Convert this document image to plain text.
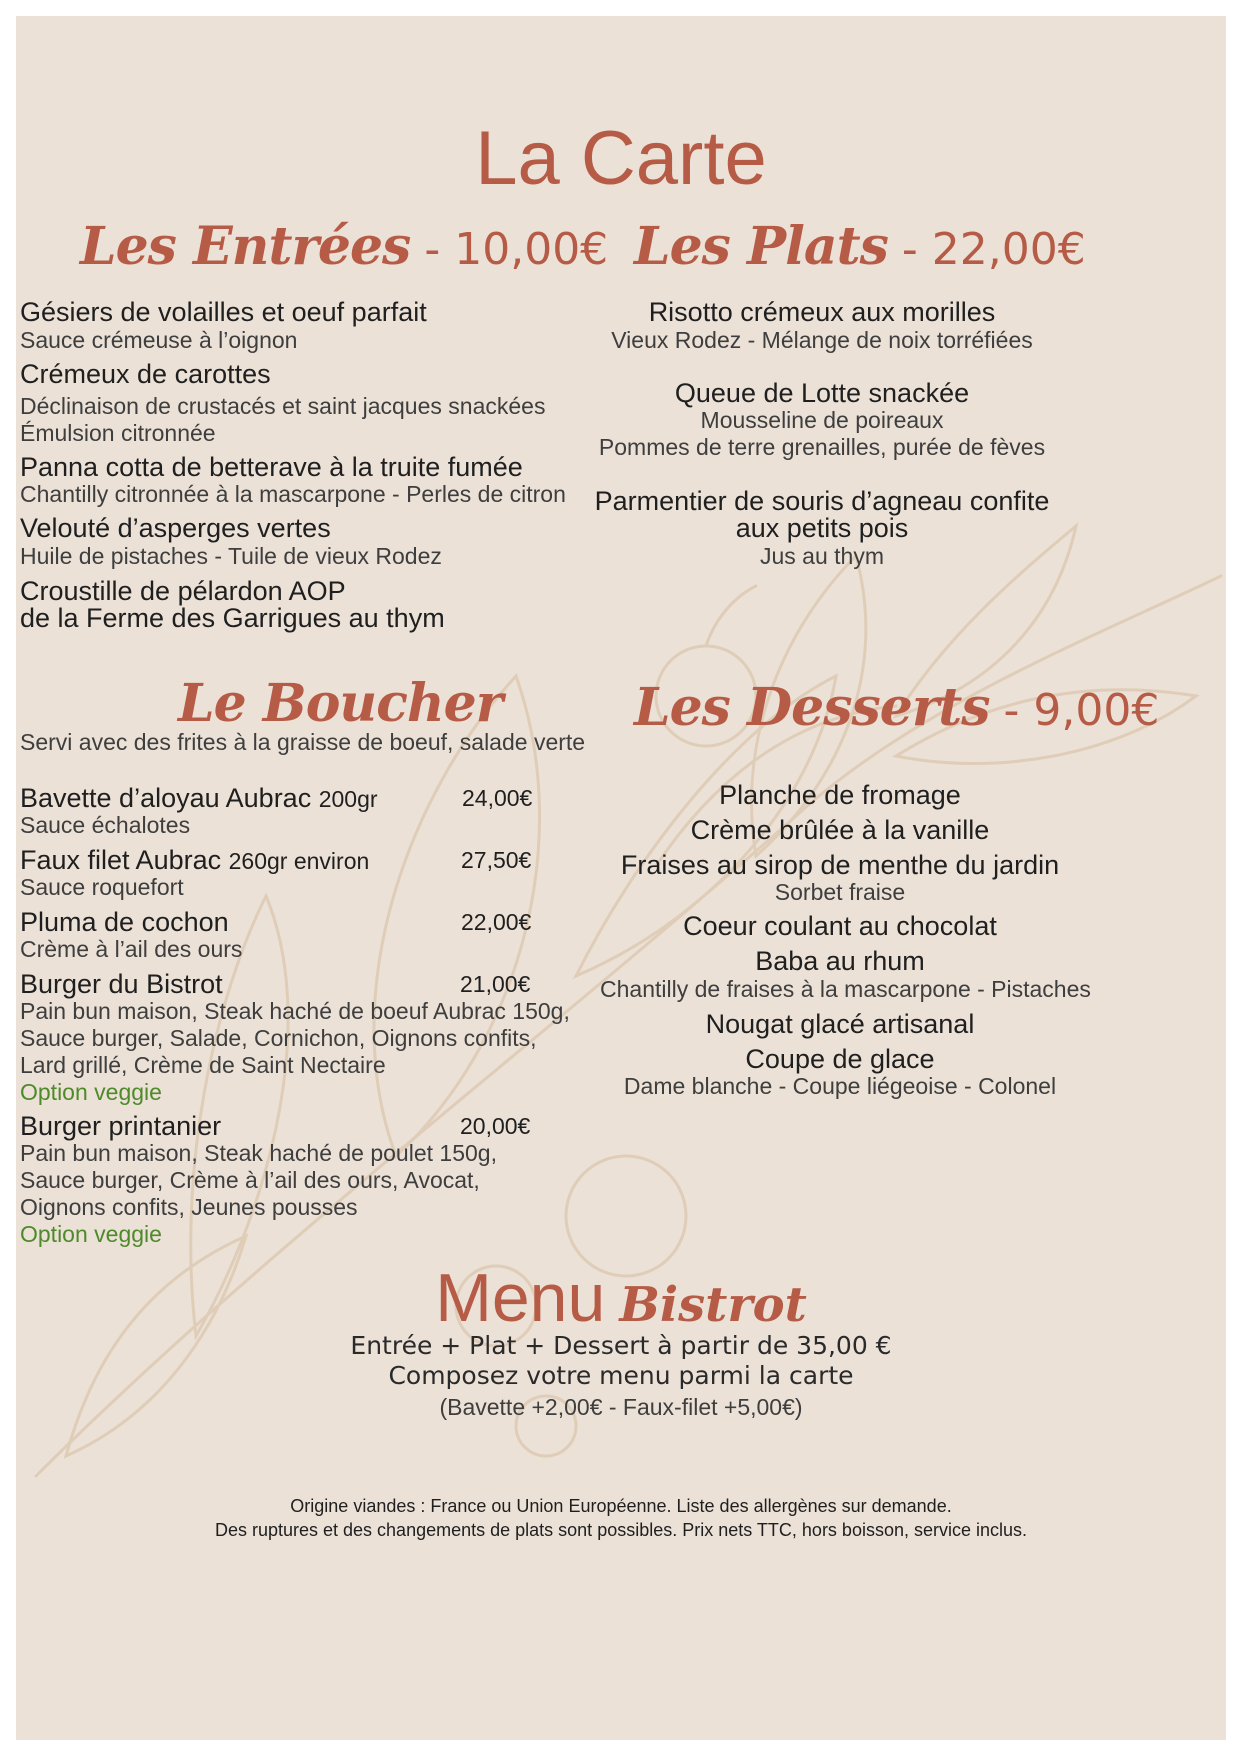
La Carte
Les Entrées - 10,00€
Gésiers de volailles et oeuf parfait
Sauce crémeuse à l’oignon
Crémeux de carottes
Déclinaison de crustacés et saint jacques snackées
Émulsion citronnée
Panna cotta de betterave à la truite fumée
Chantilly citronnée à la mascarpone - Perles de citron
Velouté d’asperges vertes
Huile de pistaches - Tuile de vieux Rodez
Croustille de pélardon AOP
de la Ferme des Garrigues au thym
Les Plats - 22,00€
Risotto crémeux aux morilles
Vieux Rodez - Mélange de noix torréfiées
Queue de Lotte snackée
Mousseline de poireaux
Pommes de terre grenailles, purée de fèves
Parmentier de souris d’agneau confite
aux petits pois
Jus au thym
Le Boucher
Servi avec des frites à la graisse de boeuf, salade verte
Bavette d’aloyau Aubrac 200gr	24,00€
Sauce échalotes
Faux filet Aubrac 260gr environ	27,50€
Sauce roquefort
Pluma de cochon	22,00€
Crème à l’ail des ours
Burger du Bistrot	21,00€
Pain bun maison, Steak haché de boeuf Aubrac 150g,
Sauce burger, Salade, Cornichon, Oignons confits,
Lard grillé, Crème de Saint Nectaire
Option veggie
Burger printanier	20,00€
Pain bun maison, Steak haché de poulet 150g,
Sauce burger, Crème à l’ail des ours, Avocat,
Oignons confits, Jeunes pousses
Option veggie
Les Desserts - 9,00€
Planche de fromage
Crème brûlée à la vanille
Fraises au sirop de menthe du jardin
Sorbet fraise
Coeur coulant au chocolat
Baba au rhum
Chantilly de fraises à la mascarpone - Pistaches
Nougat glacé artisanal
Coupe de glace
Dame blanche - Coupe liégeoise - Colonel
Menu Bistrot
Entrée + Plat + Dessert à partir de 35,00 €
Composez votre menu parmi la carte
(Bavette +2,00€ - Faux-filet +5,00€)
Origine viandes : France ou Union Européenne. Liste des allergènes sur demande.
Des ruptures et des changements de plats sont possibles. Prix nets TTC, hors boisson, service inclus.
